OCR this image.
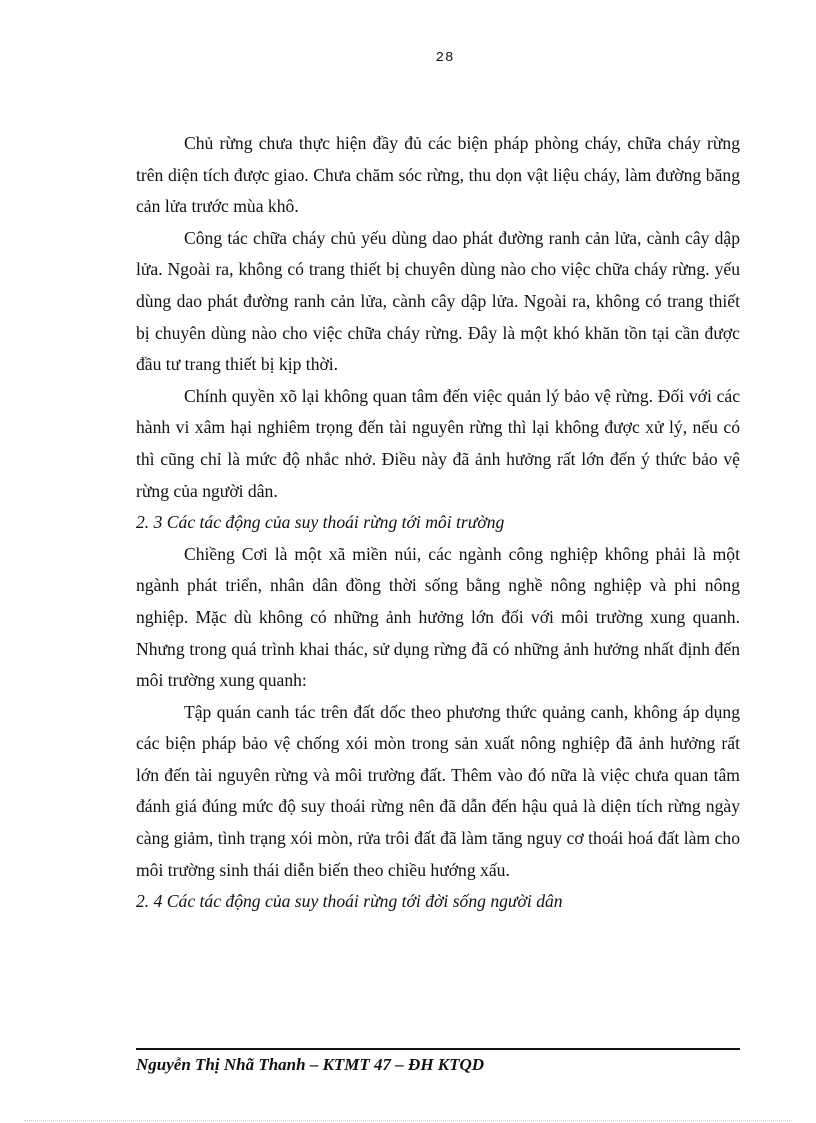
28

Chủ rừng chưa thực hiện đầy đủ các biện pháp phòng cháy, chữa cháy rừng trên diện tích được giao. Chưa chăm sóc rừng, thu dọn vật liệu cháy, làm đường băng cản lửa trước mùa khô.

Công tác chữa cháy chủ yếu dùng dao phát đường ranh cản lửa, cành cây dập lửa. Ngoài ra, không có trang thiết bị chuyên dùng nào cho việc chữa cháy rừng. yếu dùng dao phát đường ranh cản lửa, cành cây dập lửa. Ngoài ra, không có trang thiết bị chuyên dùng nào cho việc chữa cháy rừng. Đây là một khó khăn tồn tại cần được đầu tư trang thiết bị kịp thời.

Chính quyền xõ lại không quan tâm đến việc quản lý bảo vệ rừng. Đối với các hành vi xâm hại nghiêm trọng đến tài nguyên rừng thì lại không được xử lý, nếu có thì cũng chỉ là mức độ nhắc nhở. Điều này đã ảnh hưởng rất lớn đến ý thức bảo vệ rừng của người dân.

2. 3 Các tác động của suy thoái rừng tới môi trường

Chiềng Cơi là một xã miền núi, các ngành công nghiệp không phải là một ngành phát triển, nhân dân đồng thời sống bằng nghề nông nghiệp và phi nông nghiệp. Mặc dù không có những ảnh hưởng lớn đối với môi trường xung quanh. Nhưng trong quá trình khai thác, sử dụng rừng đã có những ảnh hưởng nhất định đến môi trường xung quanh:

Tập quán canh tác trên đất dốc theo phương thức quảng canh, không áp dụng các biện pháp bảo vệ chống xói mòn trong sản xuất nông nghiệp đã ảnh hưởng rất lớn đến tài nguyên rừng và môi trường đất. Thêm vào đó nữa là việc chưa quan tâm đánh giá đúng mức độ suy thoái rừng nên đã dẫn đến hậu quả là diện tích rừng ngày càng giảm, tình trạng xói mòn, rửa trôi đất đã làm tăng nguy cơ thoái hoá đất làm cho môi trường sinh thái diễn biến theo chiều hướng xấu.

2. 4 Các tác động của suy thoái rừng tới đời sống người dân

Nguyễn Thị Nhã Thanh – KTMT 47 – ĐH KTQD
